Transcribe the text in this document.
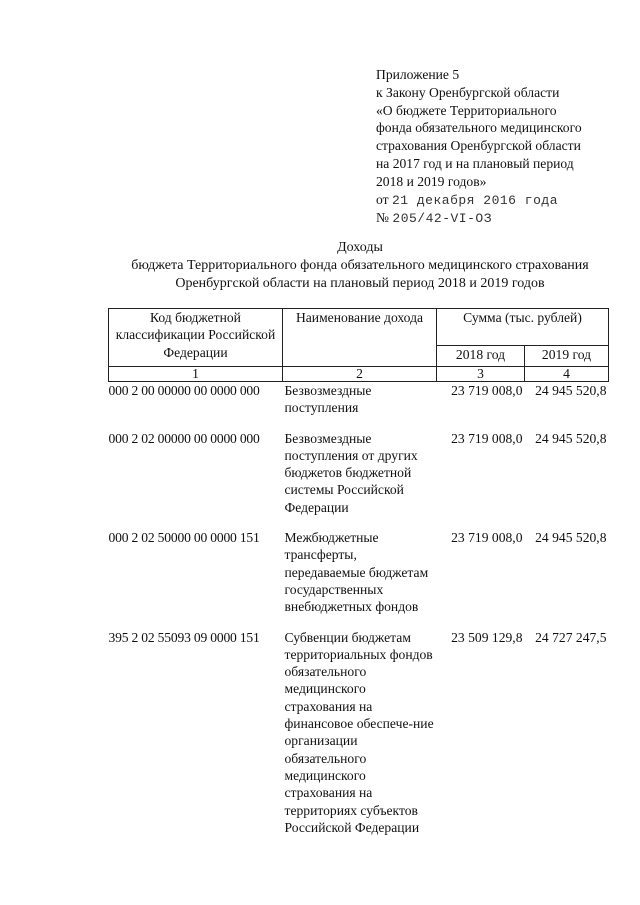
Приложение 5
к Закону Оренбургской области
«О бюджете Территориального
фонда обязательного медицинского
страхования Оренбургской области
на 2017 год и на плановый период
2018 и 2019 годов»
от 21 декабря 2016 года
№ 205/42-VI-ОЗ
Доходы
бюджета Территориального фонда обязательного медицинского страхования
Оренбургской области на плановый период 2018 и 2019 годов
Код бюджетной классификации Российской Федерации	Наименование дохода	Сумма (тыс. рублей)	

		2018 год	2019 год

1	2	3	4
000 2 00 00000 00 0000 000	Безвозмездные поступления	23 719 008,0	24 945 520,8
000 2 02 00000 00 0000 000	Безвозмездные поступления от других бюджетов бюджетной системы Российской Федерации	23 719 008,0	24 945 520,8
000 2 02 50000 00 0000 151	Межбюджетные трансферты, передаваемые бюджетам государственных внебюджетных фондов	23 719 008,0	24 945 520,8
395 2 02 55093 09 0000 151	Субвенции бюджетам территориальных фондов обязательного медицинского страхования на финансовое обеспече-ние организации обязательного медицинского страхования на территориях субъектов Российской Федерации	23 509 129,8	24 727 247,5
